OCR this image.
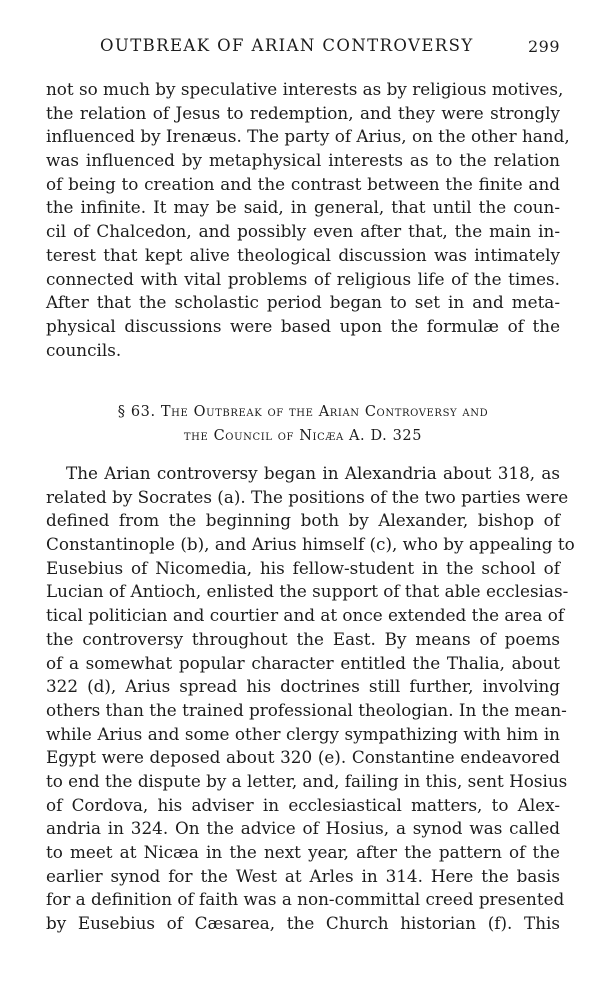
OUTBREAK OF ARIAN CONTROVERSY	299
not so much by speculative interests as by religious motives,
the relation of Jesus to redemption, and they were strongly
influenced by Irenæus. The party of Arius, on the other hand,
was influenced by metaphysical interests as to the relation
of being to creation and the contrast between the finite and
the infinite. It may be said, in general, that until the coun-
cil of Chalcedon, and possibly even after that, the main in-
terest that kept alive theological discussion was intimately
connected with vital problems of religious life of the times.
After that the scholastic period began to set in and meta-
physical discussions were based upon the formulæ of the
councils.
§ 63. The Outbreak of the Arian Controversy and
the Council of Nicæa A. D. 325
The Arian controversy began in Alexandria about 318, as
related by Socrates (a). The positions of the two parties were
defined from the beginning both by Alexander, bishop of
Constantinople (b), and Arius himself (c), who by appealing to
Eusebius of Nicomedia, his fellow-student in the school of
Lucian of Antioch, enlisted the support of that able ecclesias-
tical politician and courtier and at once extended the area of
the controversy throughout the East. By means of poems
of a somewhat popular character entitled the Thalia, about
322 (d), Arius spread his doctrines still further, involving
others than the trained professional theologian. In the mean-
while Arius and some other clergy sympathizing with him in
Egypt were deposed about 320 (e). Constantine endeavored
to end the dispute by a letter, and, failing in this, sent Hosius
of Cordova, his adviser in ecclesiastical matters, to Alex-
andria in 324. On the advice of Hosius, a synod was called
to meet at Nicæa in the next year, after the pattern of the
earlier synod for the West at Arles in 314. Here the basis
for a definition of faith was a non-committal creed presented
by Eusebius of Cæsarea, the Church historian (f). This
